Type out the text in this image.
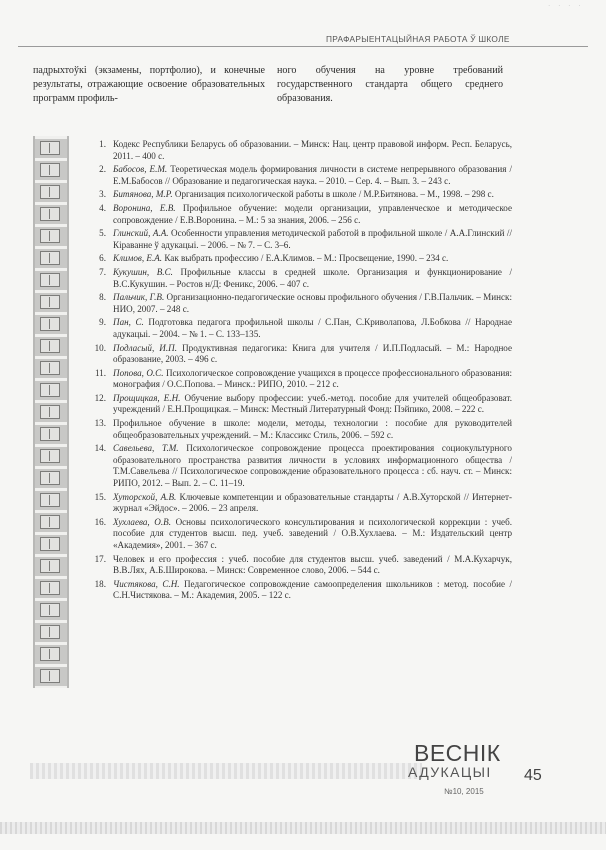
· · · ·
ПРАФАРЫЕНТАЦЫЙНАЯ РАБОТА Ў ШКОЛЕ
падрыхтоўкі (экзамены, портфолио), и конечные результаты, отражающие освоение образовательных программ профиль-
ного обучения на уровне требований государственного стандарта общего среднего образования.
1. Кодекс Республики Беларусь об образовании. – Минск: Нац. центр правовой информ. Респ. Беларусь, 2011. – 400 с.
2. Бабосов, Е.М. Теоретическая модель формирования личности в системе непрерывного образования / Е.М.Бабосов // Образование и педагогическая наука. – 2010. – Сер. 4. – Вып. 3. – 243 с.
3. Битянова, М.Р. Организация психологической работы в школе / М.Р.Битянова. – М., 1998. – 298 с.
4. Воронина, Е.В. Профильное обучение: модели организации, управленческое и методическое сопровождение / Е.В.Воронина. – М.: 5 за знания, 2006. – 256 с.
5. Глинский, А.А. Особенности управления методической работой в профильной школе / А.А.Глинский // Кіраванне ў адукацыі. – 2006. – № 7. – С. 3–6.
6. Климов, Е.А. Как выбрать профессию / Е.А.Климов. – М.: Просвещение, 1990. – 234 с.
7. Кукушин, В.С. Профильные классы в средней школе. Организация и функционирование / В.С.Кукушин. – Ростов н/Д: Феникс, 2006. – 407 с.
8. Пальчик, Г.В. Организационно-педагогические основы профильного обучения / Г.В.Пальчик. – Минск: НИО, 2007. – 248 с.
9. Пан, С. Подготовка педагога профильной школы / С.Пан, С.Криволапова, Л.Бобкова // Народнае адукацыі. – 2004. – № 1. – С. 133–135.
10. Подласый, И.П. Продуктивная педагогика: Книга для учителя / И.П.Подласый. – М.: Народное образование, 2003. – 496 с.
11. Попова, О.С. Психологическое сопровождение учащихся в процессе профессионального образования: монография / О.С.Попова. – Минск.: РИПО, 2010. – 212 с.
12. Прощицкая, Е.Н. Обучение выбору профессии: учеб.-метод. пособие для учителей общеобразоват. учреждений / Е.Н.Прощицкая. – Минск: Местный Литературный Фонд: Пэйпико, 2008. – 222 с.
13. Профильное обучение в школе: модели, методы, технологии : пособие для руководителей общеобразовательных учреждений. – М.: Классикс Стиль, 2006. – 592 с.
14. Савельева, Т.М. Психологическое сопровождение процесса проектирования социокультурного образовательного пространства развития личности в условиях информационного общества / Т.М.Савельева // Психологическое сопровождение образовательного процесса : сб. науч. ст. – Минск: РИПО, 2012. – Вып. 2. – С. 11–19.
15. Хуторской, А.В. Ключевые компетенции и образовательные стандарты / А.В.Хуторской // Интернет-журнал «Эйдос». – 2006. – 23 апреля.
16. Хухлаева, О.В. Основы психологического консультирования и психологической коррекции : учеб. пособие для студентов высш. пед. учеб. заведений / О.В.Хухлаева. – М.: Издательский центр «Академия», 2001. – 367 с.
17. Человек и его профессия : учеб. пособие для студентов высш. учеб. заведений / М.А.Кухарчук, В.В.Лях, А.Б.Широкова. – Минск: Современное слово, 2006. – 544 с.
18. Чистякова, С.Н. Педагогическое сопровождение самоопределения школьников : метод. пособие / С.Н.Чистякова. – М.: Академия, 2005. – 122 с.
ВЕСНІК
АДУКАЦЫІ 45
№10, 2015
